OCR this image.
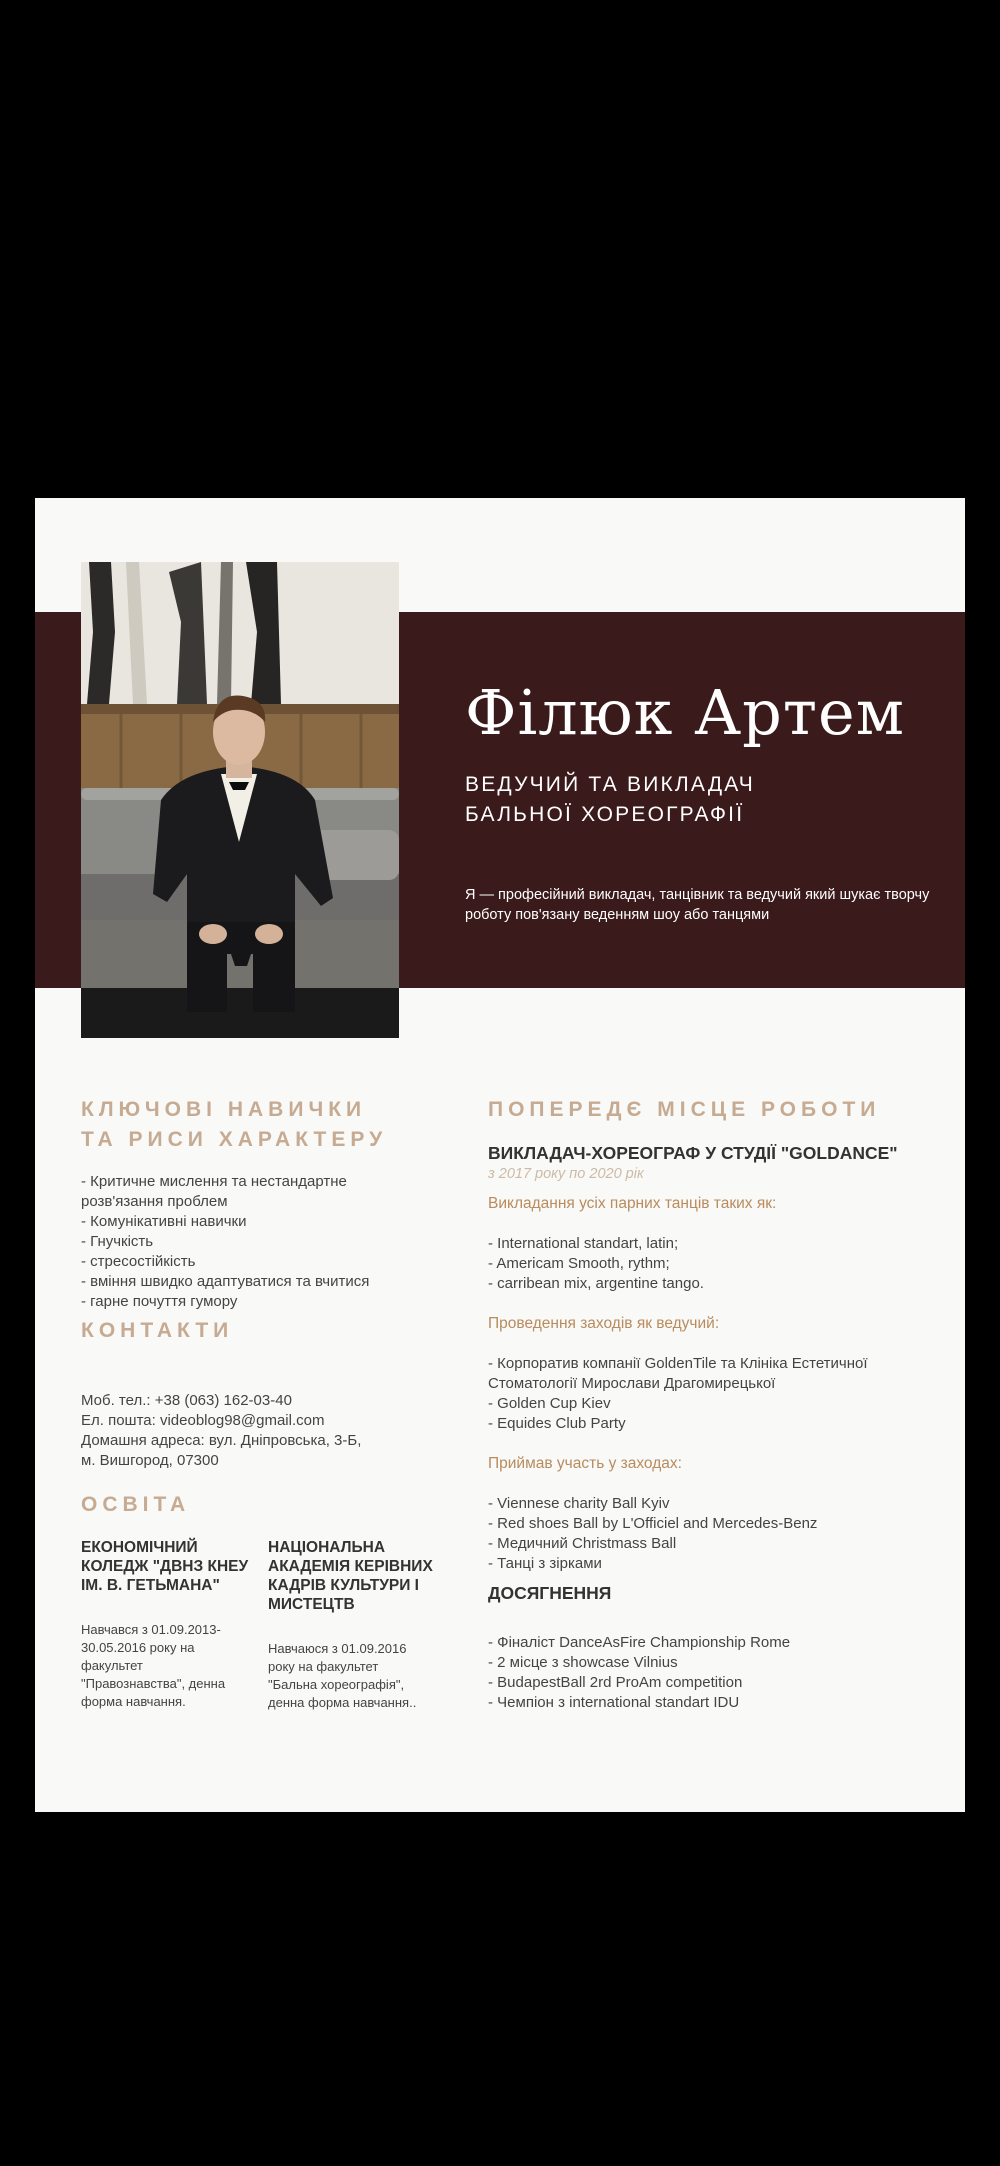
Філюк Артем
ВЕДУЧИЙ ТА ВИКЛАДАЧ
БАЛЬНОЇ ХОРЕОГРАФІЇ
Я — професійний викладач, танцівник та ведучий який шукає творчу роботу пов'язану веденням шоу або танцями
КЛЮЧОВІ НАВИЧКИ
ТА РИСИ ХАРАКТЕРУ
- Критичне мислення та нестандартне
розв'язання проблем
- Комунікативні навички
- Гнучкість
- стресостійкість
- вміння швидко адаптуватися та вчитися
- гарне почуття гумору
КОНТАКТИ
Моб. тел.: +38 (063) 162-03-40
Ел. пошта: videoblog98@gmail.com
Домашня адреса: вул. Дніпровська, 3-Б,
м. Вишгород, 07300
ОСВІТА
ЕКОНОМІЧНИЙ
КОЛЕДЖ "ДВНЗ КНЕУ
ІМ. В. ГЕТЬМАНА"
Навчався з 01.09.2013-
30.05.2016 року на
факультет
"Правознавства", денна
форма навчання.
НАЦІОНАЛЬНА
АКАДЕМІЯ КЕРІВНИХ
КАДРІВ КУЛЬТУРИ І
МИСТЕЦТВ
Навчаюся з 01.09.2016
року на факультет
"Бальна хореографія",
денна форма навчання..
ПОПЕРЕДЄ МІСЦЕ РОБОТИ
ВИКЛАДАЧ-ХОРЕОГРАФ У СТУДІЇ "GOLDANCE"
з 2017 року по 2020 рік
Викладання усіх парних танців таких як:
- International standart, latin;
- Americam Smooth, rythm;
- carribean mix, argentine tango.
Проведення заходів як ведучий:
- Корпоратив компанії GoldenTile та Клініка Естетичної
Стоматології Мирослави Драгомирецької
- Golden Cup Kiev
- Equides Club Party
Приймав участь у заходах:
- Viennese charity Ball Kyiv
- Red shoes Ball by L'Officiel and Mercedes-Benz
- Медичний Christmass Ball
- Танці з зірками
ДОСЯГНЕННЯ
- Фіналіст DanceAsFire Championship Rome
- 2 місце з showcase Vilnius
- BudapestBall 2rd ProAm competition
- Чемпіон з international standart IDU
